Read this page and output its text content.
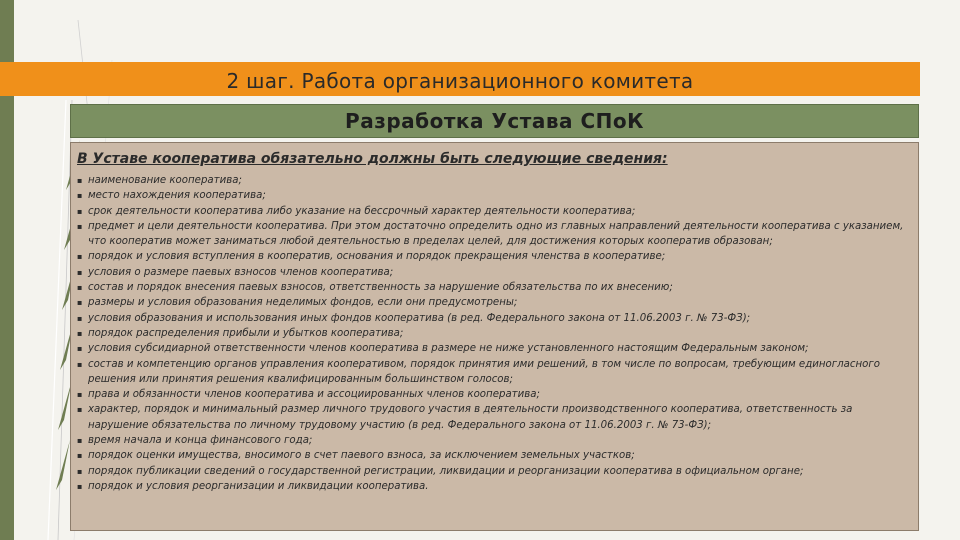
2 шаг. Работа организационного комитета
Разработка Устава СПоК
В Уставе кооператива обязательно должны быть следующие сведения:
▪ наименование кооператива;
▪ место нахождения кооператива;
▪ срок деятельности кооператива либо указание на бессрочный характер деятельности кооператива;
▪ предмет и цели деятельности кооператива. При этом достаточно определить одно из главных направлений деятельности кооператива с указанием, что кооператив может заниматься любой деятельностью в пределах целей, для достижения которых кооператив образован;
▪ порядок и условия вступления в кооператив, основания и порядок прекращения членства в кооперативе;
▪ условия о размере паевых взносов членов кооператива;
▪ состав и порядок внесения паевых взносов, ответственность за нарушение обязательства по их внесению;
▪ размеры и условия образования неделимых фондов, если они предусмотрены;
▪ условия образования и использования иных фондов кооператива (в ред. Федерального закона от 11.06.2003 г. № 73-ФЗ);
▪ порядок распределения прибыли и убытков кооператива;
▪ условия субсидиарной ответственности членов кооператива в размере не ниже установленного настоящим Федеральным законом;
▪ состав и компетенцию органов управления кооперативом, порядок принятия ими решений, в том числе по вопросам, требующим единогласного решения или принятия решения квалифицированным большинством голосов;
▪ права и обязанности членов кооператива и ассоциированных членов кооператива;
▪ характер, порядок и минимальный размер личного трудового участия в деятельности производственного кооператива, ответственность за нарушение обязательства по личному трудовому участию (в ред. Федерального закона от 11.06.2003 г. № 73-ФЗ);
▪ время начала и конца финансового года;
▪ порядок оценки имущества, вносимого в счет паевого взноса, за исключением земельных участков;
▪ порядок публикации сведений о государственной регистрации, ликвидации и реорганизации кооператива в официальном органе;
▪ порядок и условия реорганизации и ликвидации кооператива.
